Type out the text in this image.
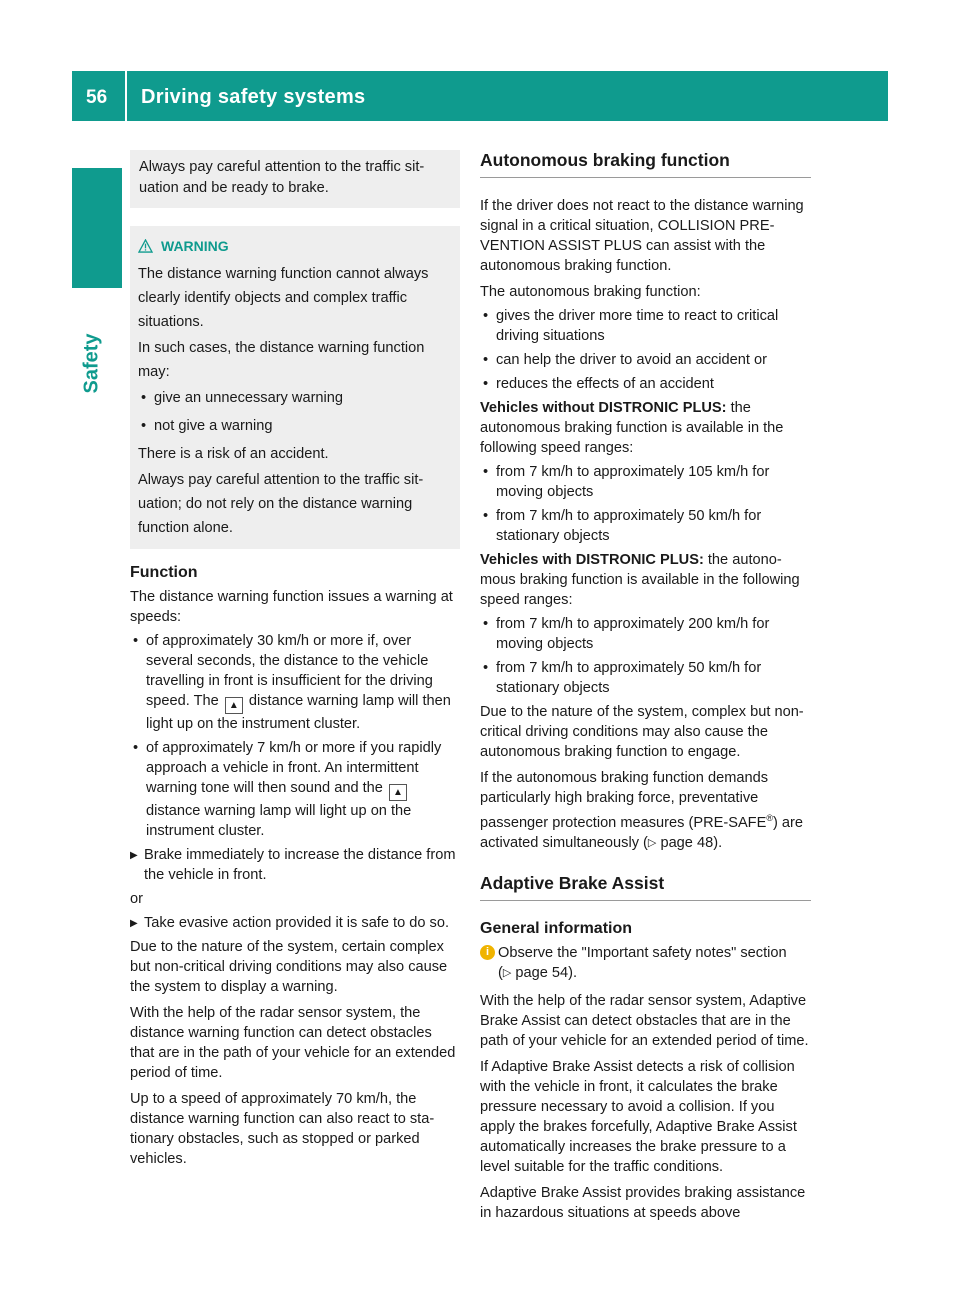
56 Driving safety systems
Safety
Always pay careful attention to the traffic situation and be ready to brake.
WARNING

The distance warning function cannot always clearly identify objects and complex traffic situations.

In such cases, the distance warning function may:

• give an unnecessary warning
• not give a warning

There is a risk of an accident.

Always pay careful attention to the traffic situation; do not rely on the distance warning function alone.

Function

The distance warning function issues a warning at speeds:

• of approximately 30 km/h or more if, over several seconds, the distance to the vehicle travelling in front is insufficient for the driving speed. The ▲ distance warning lamp will then light up on the instrument cluster.
• of approximately 7 km/h or more if you rapidly approach a vehicle in front. An intermittent warning tone will then sound and the ▲ distance warning lamp will light up on the instrument cluster.
▶ Brake immediately to increase the distance from the vehicle in front.

or

▶ Take evasive action provided it is safe to do so.

Due to the nature of the system, certain complex but non-critical driving conditions may also cause the system to display a warning.

With the help of the radar sensor system, the distance warning function can detect obstacles that are in the path of your vehicle for an extended period of time.

Up to a speed of approximately 70 km/h, the distance warning function can also react to stationary obstacles, such as stopped or parked vehicles.

Autonomous braking function

If the driver does not react to the distance warning signal in a critical situation, COLLISION PREVENTION ASSIST PLUS can assist with the autonomous braking function.

The autonomous braking function:

• gives the driver more time to react to critical driving situations
• can help the driver to avoid an accident or
• reduces the effects of an accident

Vehicles without DISTRONIC PLUS: the autonomous braking function is available in the following speed ranges:

• from 7 km/h to approximately 105 km/h for moving objects
• from 7 km/h to approximately 50 km/h for stationary objects

Vehicles with DISTRONIC PLUS: the autonomous braking function is available in the following speed ranges:

• from 7 km/h to approximately 200 km/h for moving objects
• from 7 km/h to approximately 50 km/h for stationary objects

Due to the nature of the system, complex but non-critical driving conditions may also cause the autonomous braking function to engage.

If the autonomous braking function demands particularly high braking force, preventative passenger protection measures (PRE-SAFE®) are activated simultaneously (▷ page 48).

Adaptive Brake Assist
General information
i Observe the "Important safety notes" section (▷ page 54).

With the help of the radar sensor system, Adaptive Brake Assist can detect obstacles that are in the path of your vehicle for an extended period of time.

If Adaptive Brake Assist detects a risk of collision with the vehicle in front, it calculates the brake pressure necessary to avoid a collision. If you apply the brakes forcefully, Adaptive Brake Assist automatically increases the brake pressure to a level suitable for the traffic conditions.

Adaptive Brake Assist provides braking assistance in hazardous situations at speeds above
